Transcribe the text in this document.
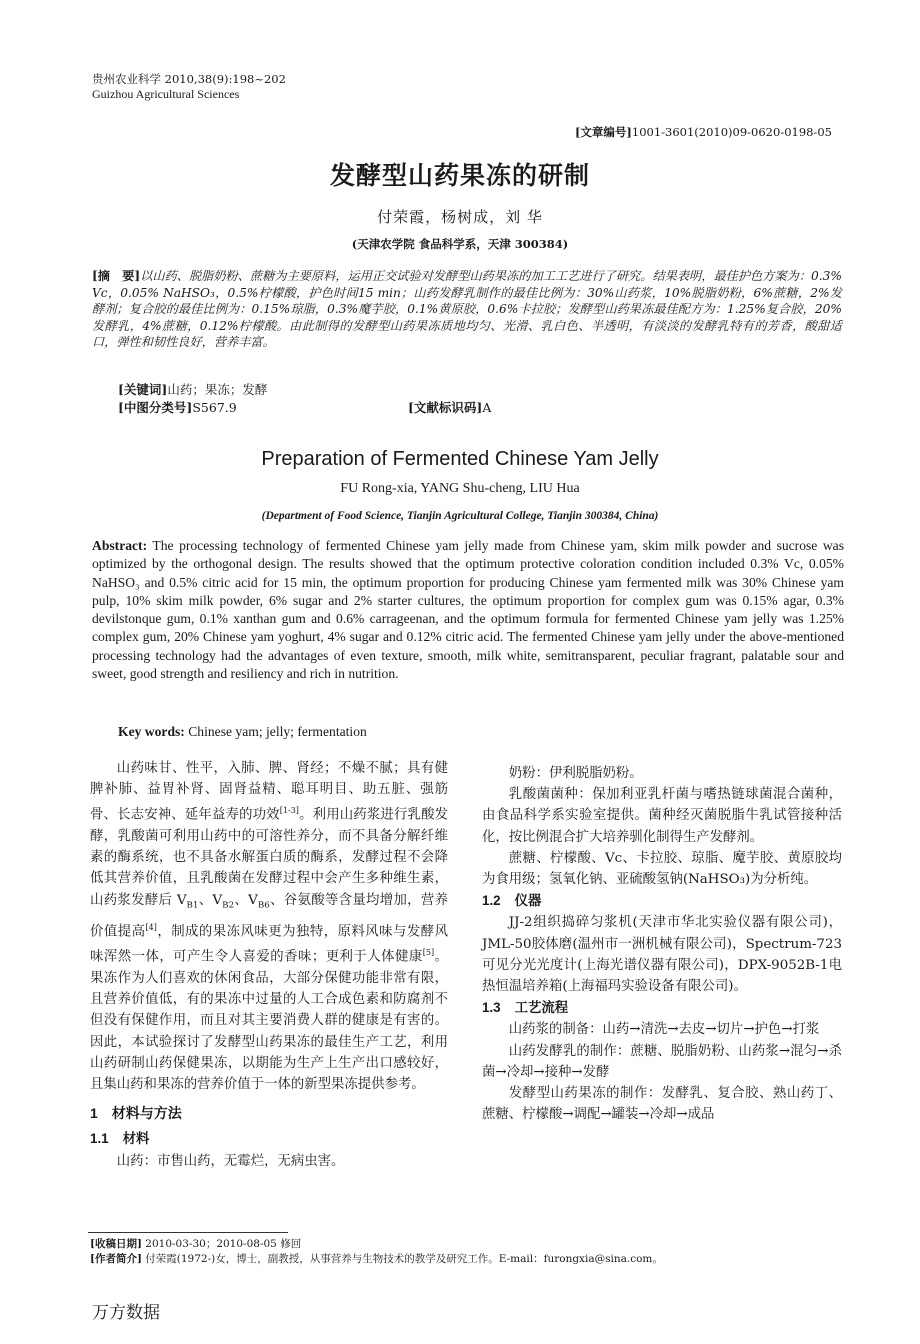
贵州农业科学 2010,38(9):198~202
Guizhou Agricultural Sciences
[文章编号]1001-3601(2010)09-0620-0198-05
发酵型山药果冻的研制
付荣霞，杨树成，刘 华
(天津农学院 食品科学系，天津 300384)
[摘　要]以山药、脱脂奶粉、蔗糖为主要原料，运用正交试验对发酵型山药果冻的加工工艺进行了研究。结果表明，最佳护色方案为：0.3% Vc，0.05% NaHSO₃，0.5%柠檬酸，护色时间15 min；山药发酵乳制作的最佳比例为：30%山药浆，10%脱脂奶粉，6%蔗糖，2%发酵剂；复合胶的最佳比例为：0.15%琼脂，0.3%魔芋胶，0.1%黄原胶，0.6%卡拉胶；发酵型山药果冻最佳配方为：1.25%复合胶，20%发酵乳，4%蔗糖，0.12%柠檬酸。由此制得的发酵型山药果冻质地均匀、光滑、乳白色、半透明，有淡淡的发酵乳特有的芳香，酸甜适口，弹性和韧性良好，营养丰富。
[关键词]山药；果冻；发酵
[中图分类号]S567.9	[文献标识码]A
Preparation of Fermented Chinese Yam Jelly
FU Rong-xia, YANG Shu-cheng, LIU Hua
(Department of Food Science, Tianjin Agricultural College, Tianjin 300384, China)
Abstract: The processing technology of fermented Chinese yam jelly made from Chinese yam, skim milk powder and sucrose was optimized by the orthogonal design. The results showed that the optimum protective coloration condition included 0.3% Vc, 0.05% NaHSO₃ and 0.5% citric acid for 15 min, the optimum proportion for producing Chinese yam fermented milk was 30% Chinese yam pulp, 10% skim milk powder, 6% sugar and 2% starter cultures, the optimum proportion for complex gum was 0.15% agar, 0.3% devilstonque gum, 0.1% xanthan gum and 0.6% carrageenan, and the optimum formula for fermented Chinese yam jelly was 1.25% complex gum, 20% Chinese yam yoghurt, 4% sugar and 0.12% citric acid. The fermented Chinese yam jelly under the above-mentioned processing technology had the advantages of even texture, smooth, milk white, semitransparent, peculiar fragrant, palatable sour and sweet, good strength and resiliency and rich in nutrition.
Key words: Chinese yam; jelly; fermentation

山药味甘、性平，入肺、脾、肾经；不燥不腻；具有健脾补肺、益胃补肾、固肾益精、聪耳明目、助五脏、强筋骨、长志安神、延年益寿的功效[1-3]。利用山药浆进行乳酸发酵，乳酸菌可利用山药中的可溶性养分，而不具备分解纤维素的酶系统，也不具备水解蛋白质的酶系，发酵过程不会降低其营养价值，且乳酸菌在发酵过程中会产生多种维生素，山药浆发酵后 $V_{B1}$、$V_{B2}$、$V_{B6}$、谷氨酸等含量均增加，营养价值提高[4]，制成的果冻风味更为独特，原料风味与发酵风味浑然一体，可产生令人喜爱的香味；更利于人体健康[5]。果冻作为人们喜欢的休闲食品，大部分保健功能非常有限，且营养价值低，有的果冻中过量的人工合成色素和防腐剂不但没有保健作用，而且对其主要消费人群的健康是有害的。因此，本试验探讨了发酵型山药果冻的最佳生产工艺，利用山药研制山药保健果冻，以期能为生产上生产出口感较好，且集山药和果冻的营养价值于一体的新型果冻提供参考。

1　材料与方法

1.1 材料

山药：市售山药，无霉烂，无病虫害。

奶粉：伊利脱脂奶粉。

乳酸菌菌种：保加利亚乳杆菌与嗜热链球菌混合菌种，由食品科学系实验室提供。菌种经灭菌脱脂牛乳试管接种活化，按比例混合扩大培养驯化制得生产发酵剂。

蔗糖、柠檬酸、Vc、卡拉胶、琼脂、魔芋胶、黄原胶均为食用级；氢氧化钠、亚硫酸氢钠(NaHSO₃)为分析纯。

1.2 仪器

JJ-2组织捣碎匀浆机(天津市华北实验仪器有限公司)，JML-50胶体磨(温州市一洲机械有限公司)，Spectrum-723可见分光光度计(上海光谱仪器有限公司)，DPX-9052B-1电热恒温培养箱(上海福玛实验设备有限公司)。

1.3 工艺流程

山药浆的制备：山药→清洗→去皮→切片→护色→打浆

山药发酵乳的制作：蔗糖、脱脂奶粉、山药浆→混匀→杀菌→冷却→接种→发酵

发酵型山药果冻的制作：发酵乳、复合胶、熟山药丁、蔗糖、柠檬酸→调配→罐装→冷却→成品

[收稿日期] 2010-03-30；2010-08-05 修回
[作者简介] 付荣霞(1972-)女，博士，副教授，从事营养与生物技术的教学及研究工作。E-mail：furongxia@sina.com。
万方数据
